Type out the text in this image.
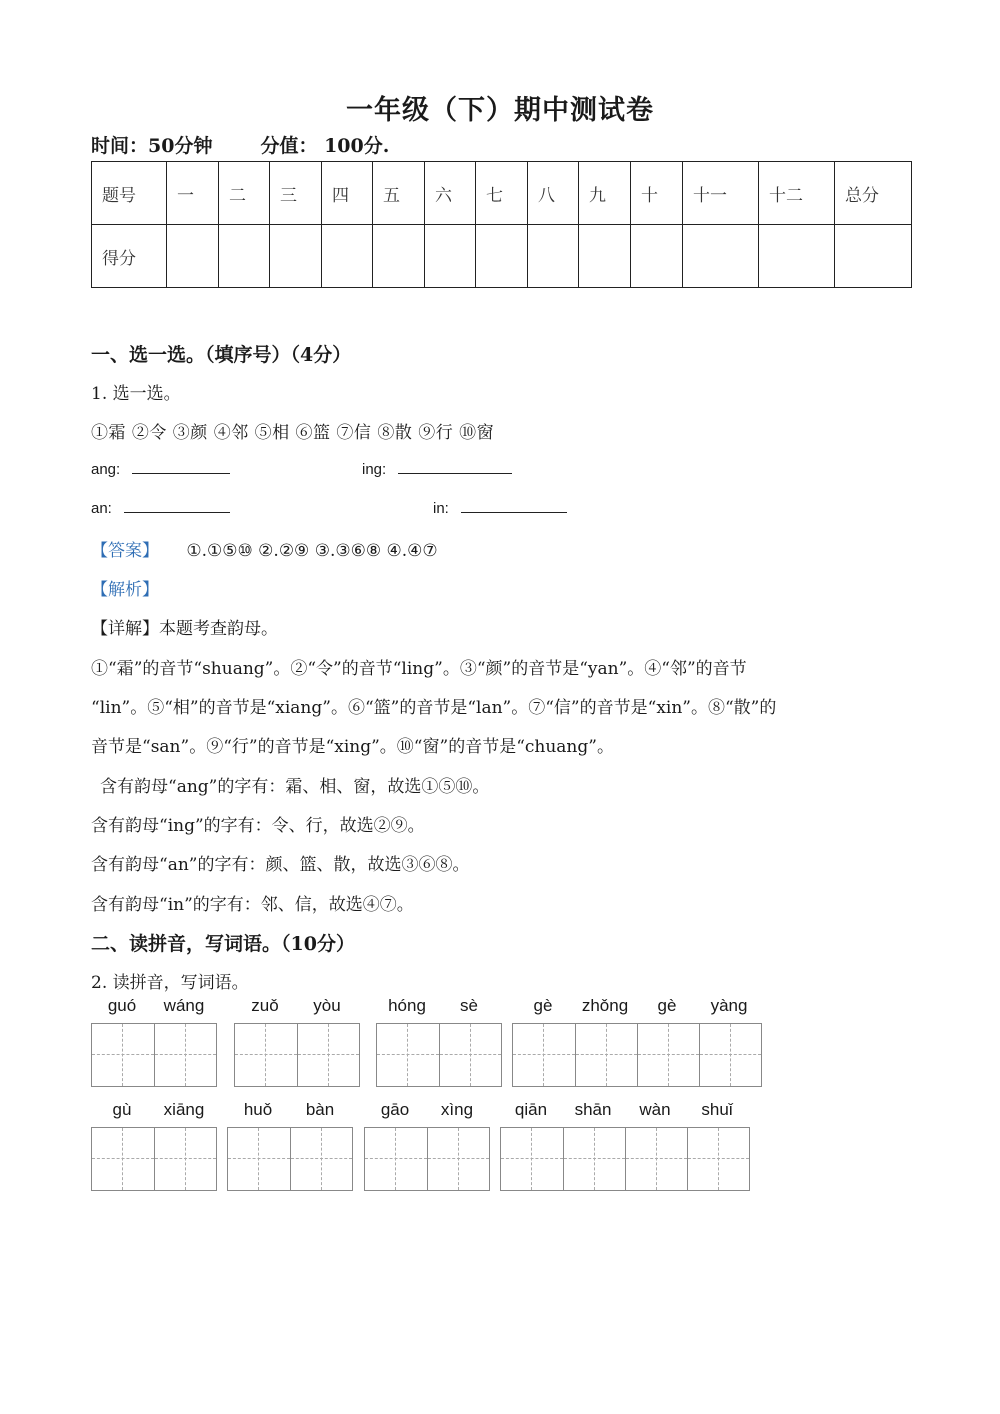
一年级（下）期中测试卷
时间：50分钟	分值： 100分.
题号	一	二	三	四	五	六	七	八	九	十	十一	十二	总分
得分													
一、选一选。（填序号）（4分）
1. 选一选。
①霜 ②令 ③颜 ④邻 ⑤相 ⑥篮 ⑦信 ⑧散 ⑨行 ⑩窗
ang:	ing:
an:	in:
【答案】 ①.①⑤⑩ ②.②⑨ ③.③⑥⑧ ④.④⑦
【解析】
【详解】本题考查韵母。
①“霜”的音节“shuang”。②“令”的音节“ling”。③“颜”的音节是“yan”。④“邻”的音节
“lin”。⑤“相”的音节是“xiang”。⑥“篮”的音节是“lan”。⑦“信”的音节是“xin”。⑧“散”的
音节是“san”。⑨“行”的音节是“xing”。⑩“窗”的音节是“chuang”。
含有韵母“ang”的字有：霜、相、窗，故选①⑤⑩。
含有韵母“ing”的字有：令、行，故选②⑨。
含有韵母“an”的字有：颜、篮、散，故选③⑥⑧。
含有韵母“in”的字有：邻、信，故选④⑦。
二、读拼音，写词语。（10分）
2. 读拼音，写词语。
guó	wáng	zuǒ	yòu	hóng	sè	gè	zhǒng	gè	yàng
gù	xiāng	huǒ	bàn	gāo	xìng	qiān	shān	wàn	shuǐ
